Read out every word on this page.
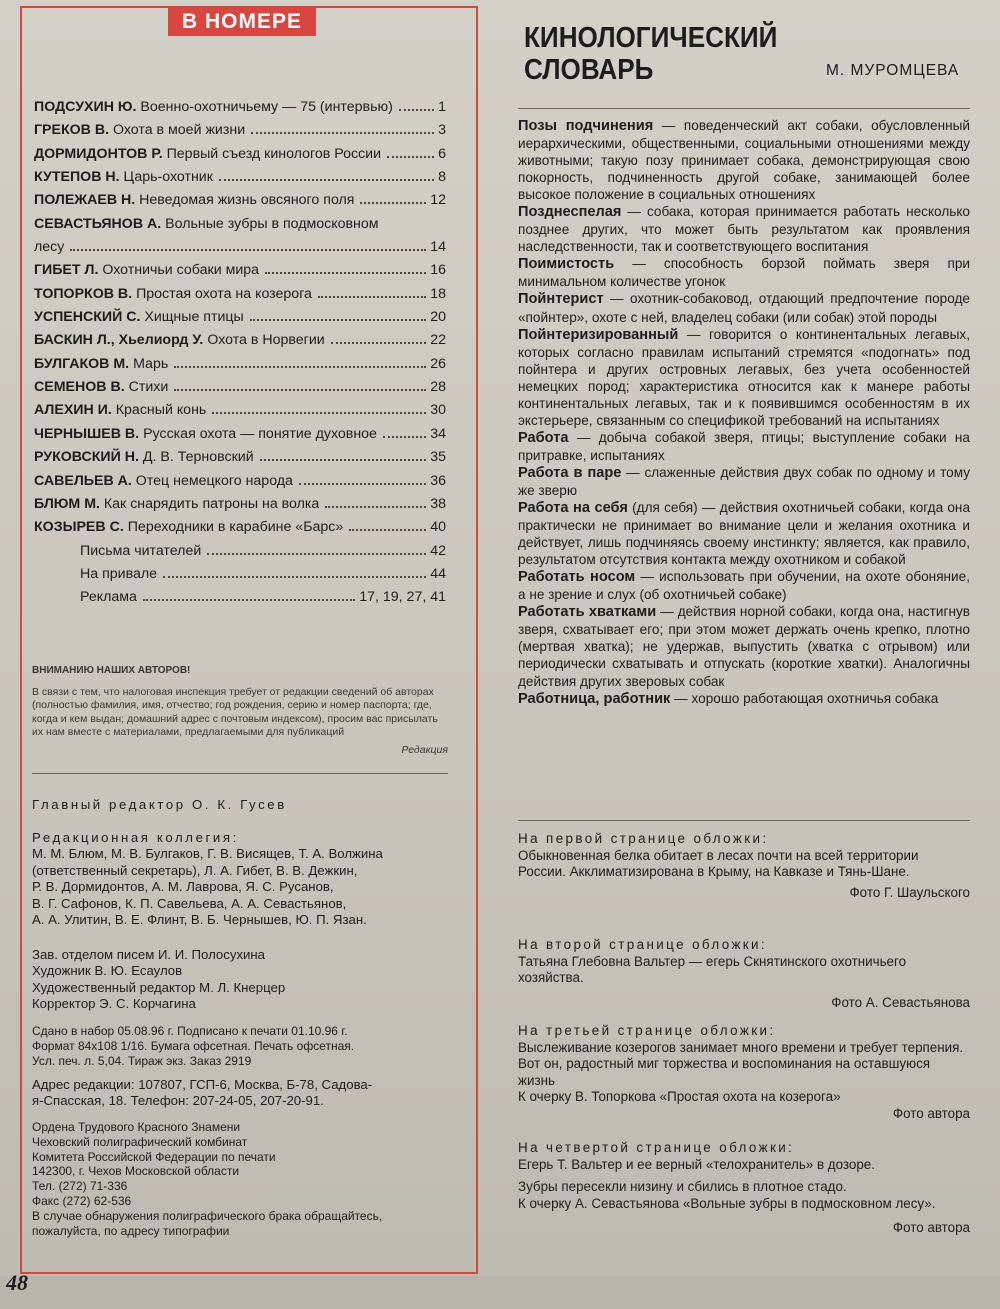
В НОМЕРЕ
ПОДСУХИН Ю. Военно-охотничьему — 75 (интервью)	1
ГРЕКОВ В. Охота в моей жизни	3
ДОРМИДОНТОВ Р. Первый съезд кинологов России	6
КУТЕПОВ Н. Царь-охотник	8
ПОЛЕЖАЕВ Н. Неведомая жизнь овсяного поля	12
СЕВАСТЬЯНОВ А. Вольные зубры в подмосковном
лесу	14
ГИБЕТ Л. Охотничьи собаки мира	16
ТОПОРКОВ В. Простая охота на козерога	18
УСПЕНСКИЙ С. Хищные птицы	20
БАСКИН Л., Хьелиорд У. Охота в Норвегии	22
БУЛГАКОВ М. Марь	26
СЕМЕНОВ В. Стихи	28
АЛЕХИН И. Красный конь	30
ЧЕРНЫШЕВ В. Русская охота — понятие духовное	34
РУКОВСКИЙ Н. Д. В. Терновский	35
САВЕЛЬЕВ А. Отец немецкого народа	36
БЛЮМ М. Как снарядить патроны на волка	38
КОЗЫРЕВ С. Переходники в карабине «Барс»	40
Письма читателей	42
На привале	44
Реклама	17, 19, 27, 41
ВНИМАНИЮ НАШИХ АВТОРОВ!
В связи с тем, что налоговая инспекция требует от редакции сведений об авторах (полностью фамилия, имя, отчество; год рождения, серию и номер паспорта; где, когда и кем выдан; домашний адрес с почтовым индексом), просим вас присылать их нам вместе с материалами, предлагаемыми для публикаций
Редакция
Главный редактор О. К. Гусев
Редакционная коллегия:
М. М. Блюм, М. В. Булгаков, Г. В. Висящев, Т. А. Волжина
(ответственный секретарь), Л. А. Гибет, В. В. Дежкин,
Р. В. Дормидонтов, А. М. Лаврова, Я. С. Русанов,
В. Г. Сафонов, К. П. Савельева, А. А. Севастьянов,
А. А. Улитин, В. Е. Флинт, В. Б. Чернышев, Ю. П. Язан.
Зав. отделом писем И. И. Полосухина
Художник В. Ю. Есаулов
Художественный редактор М. Л. Кнерцер
Корректор Э. С. Корчагина
Сдано в набор 05.08.96 г. Подписано к печати 01.10.96 г.
Формат 84x108 1/16. Бумага офсетная. Печать офсетная.
Усл. печ. л. 5,04. Тираж экз. Заказ 2919
Адрес редакции: 107807, ГСП-6, Москва, Б-78, Садова-
я-Спасская, 18. Телефон: 207-24-05, 207-20-91.
Ордена Трудового Красного Знамени
Чеховский полиграфический комбинат
Комитета Российской Федерации по печати
142300, г. Чехов Московской области
Тел. (272) 71-336
Факс (272) 62-536
В случае обнаружения полиграфического брака обращайтесь,
пожалуйста, по адресу типографии
КИНОЛОГИЧЕСКИЙ
СЛОВАРЬ	М. МУРОМЦЕВА

Позы подчинения — поведенческий акт собаки, обусловленный иерархическими, общественными, социальными отношениями между животными; такую позу принимает собака, демонстрирующая свою покорность, подчиненность другой собаке, занимающей более высокое положение в социальных отношениях

Позднеспелая — собака, которая принимается работать несколько позднее других, что может быть результатом как проявления наследственности, так и соответствующего воспитания

Поимистость — способность борзой поймать зверя при минимальном количестве угонок

Пойнтерист — охотник-собаковод, отдающий предпочтение породе «пойнтер», охоте с ней, владелец собаки (или собак) этой породы

Пойнтеризированный — говорится о континентальных легавых, которых согласно правилам испытаний стремятся «подогнать» под пойнтера и других островных легавых, без учета особенностей немецких пород; характеристика относится как к манере работы континентальных легавых, так и к появившимся особенностям в их экстерьере, связанным со спецификой требований на испытаниях

Работа — добыча собакой зверя, птицы; выступление собаки на притравке, испытаниях

Работа в паре — слаженные действия двух собак по одному и тому же зверю

Работа на себя (для себя) — действия охотничьей собаки, когда она практически не принимает во внимание цели и желания охотника и действует, лишь подчиняясь своему инстинкту; является, как правило, результатом отсутствия контакта между охотником и собакой

Работать носом — использовать при обучении, на охоте обоняние, а не зрение и слух (об охотничьей собаке)

Работать хватками — действия норной собаки, когда она, настигнув зверя, схватывает его; при этом может держать очень крепко, плотно (мертвая хватка); не удержав, выпустить (хватка с отрывом) или периодически схватывать и отпускать (короткие хватки). Аналогичны действия других зверовых собак

Работница, работник — хорошо работающая охотничья собака

На первой странице обложки:
Обыкновенная белка обитает в лесах почти на всей территории России. Акклиматизирована в Крыму, на Кавказе и Тянь-Шане.
Фото Г. Шаульского
На второй странице обложки:
Татьяна Глебовна Вальтер — егерь Скнятинского охотничьего хозяйства.
Фото А. Севастьянова
На третьей странице обложки:
Выслеживание козерогов занимает много времени и требует терпения. Вот он, радостный миг торжества и воспоминания на оставшуюся жизнь
К очерку В. Топоркова «Простая охота на козерога»
Фото автора
На четвертой странице обложки:
Егерь Т. Вальтер и ее верный «телохранитель» в дозоре.
Зубры пересекли низину и сбились в плотное стадо.
К очерку А. Севастьянова «Вольные зубры в подмосковном лесу».
Фото автора
48
